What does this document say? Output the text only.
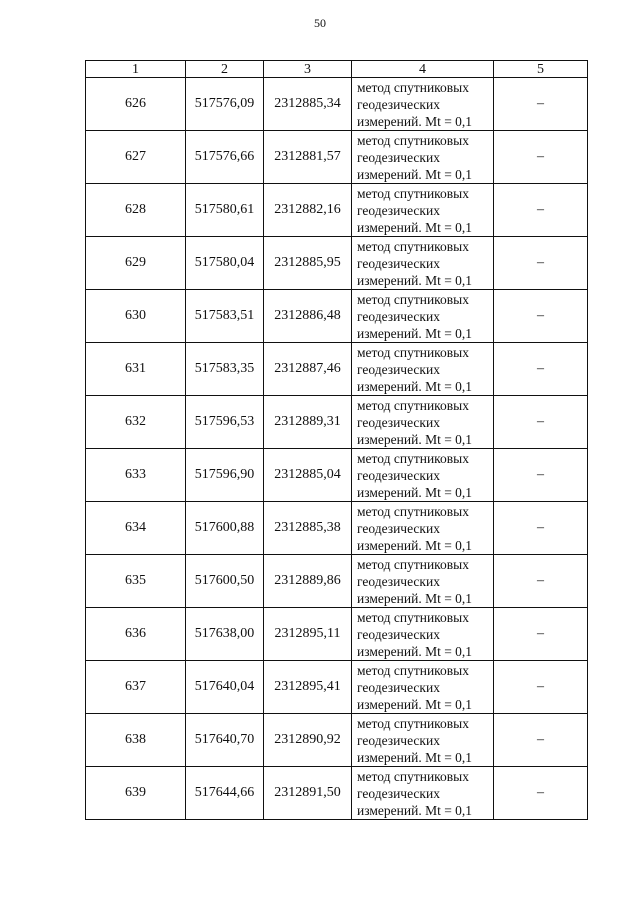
50
1	2	3	4	5
626	517576,09	2312885,34	метод спутниковых
геодезических
измерений. Mt = 0,1	–
627	517576,66	2312881,57	метод спутниковых
геодезических
измерений. Mt = 0,1	–
628	517580,61	2312882,16	метод спутниковых
геодезических
измерений. Mt = 0,1	–
629	517580,04	2312885,95	метод спутниковых
геодезических
измерений. Mt = 0,1	–
630	517583,51	2312886,48	метод спутниковых
геодезических
измерений. Mt = 0,1	–
631	517583,35	2312887,46	метод спутниковых
геодезических
измерений. Mt = 0,1	–
632	517596,53	2312889,31	метод спутниковых
геодезических
измерений. Mt = 0,1	–
633	517596,90	2312885,04	метод спутниковых
геодезических
измерений. Mt = 0,1	–
634	517600,88	2312885,38	метод спутниковых
геодезических
измерений. Mt = 0,1	–
635	517600,50	2312889,86	метод спутниковых
геодезических
измерений. Mt = 0,1	–
636	517638,00	2312895,11	метод спутниковых
геодезических
измерений. Mt = 0,1	–
637	517640,04	2312895,41	метод спутниковых
геодезических
измерений. Mt = 0,1	–
638	517640,70	2312890,92	метод спутниковых
геодезических
измерений. Mt = 0,1	–
639	517644,66	2312891,50	метод спутниковых
геодезических
измерений. Mt = 0,1	–
